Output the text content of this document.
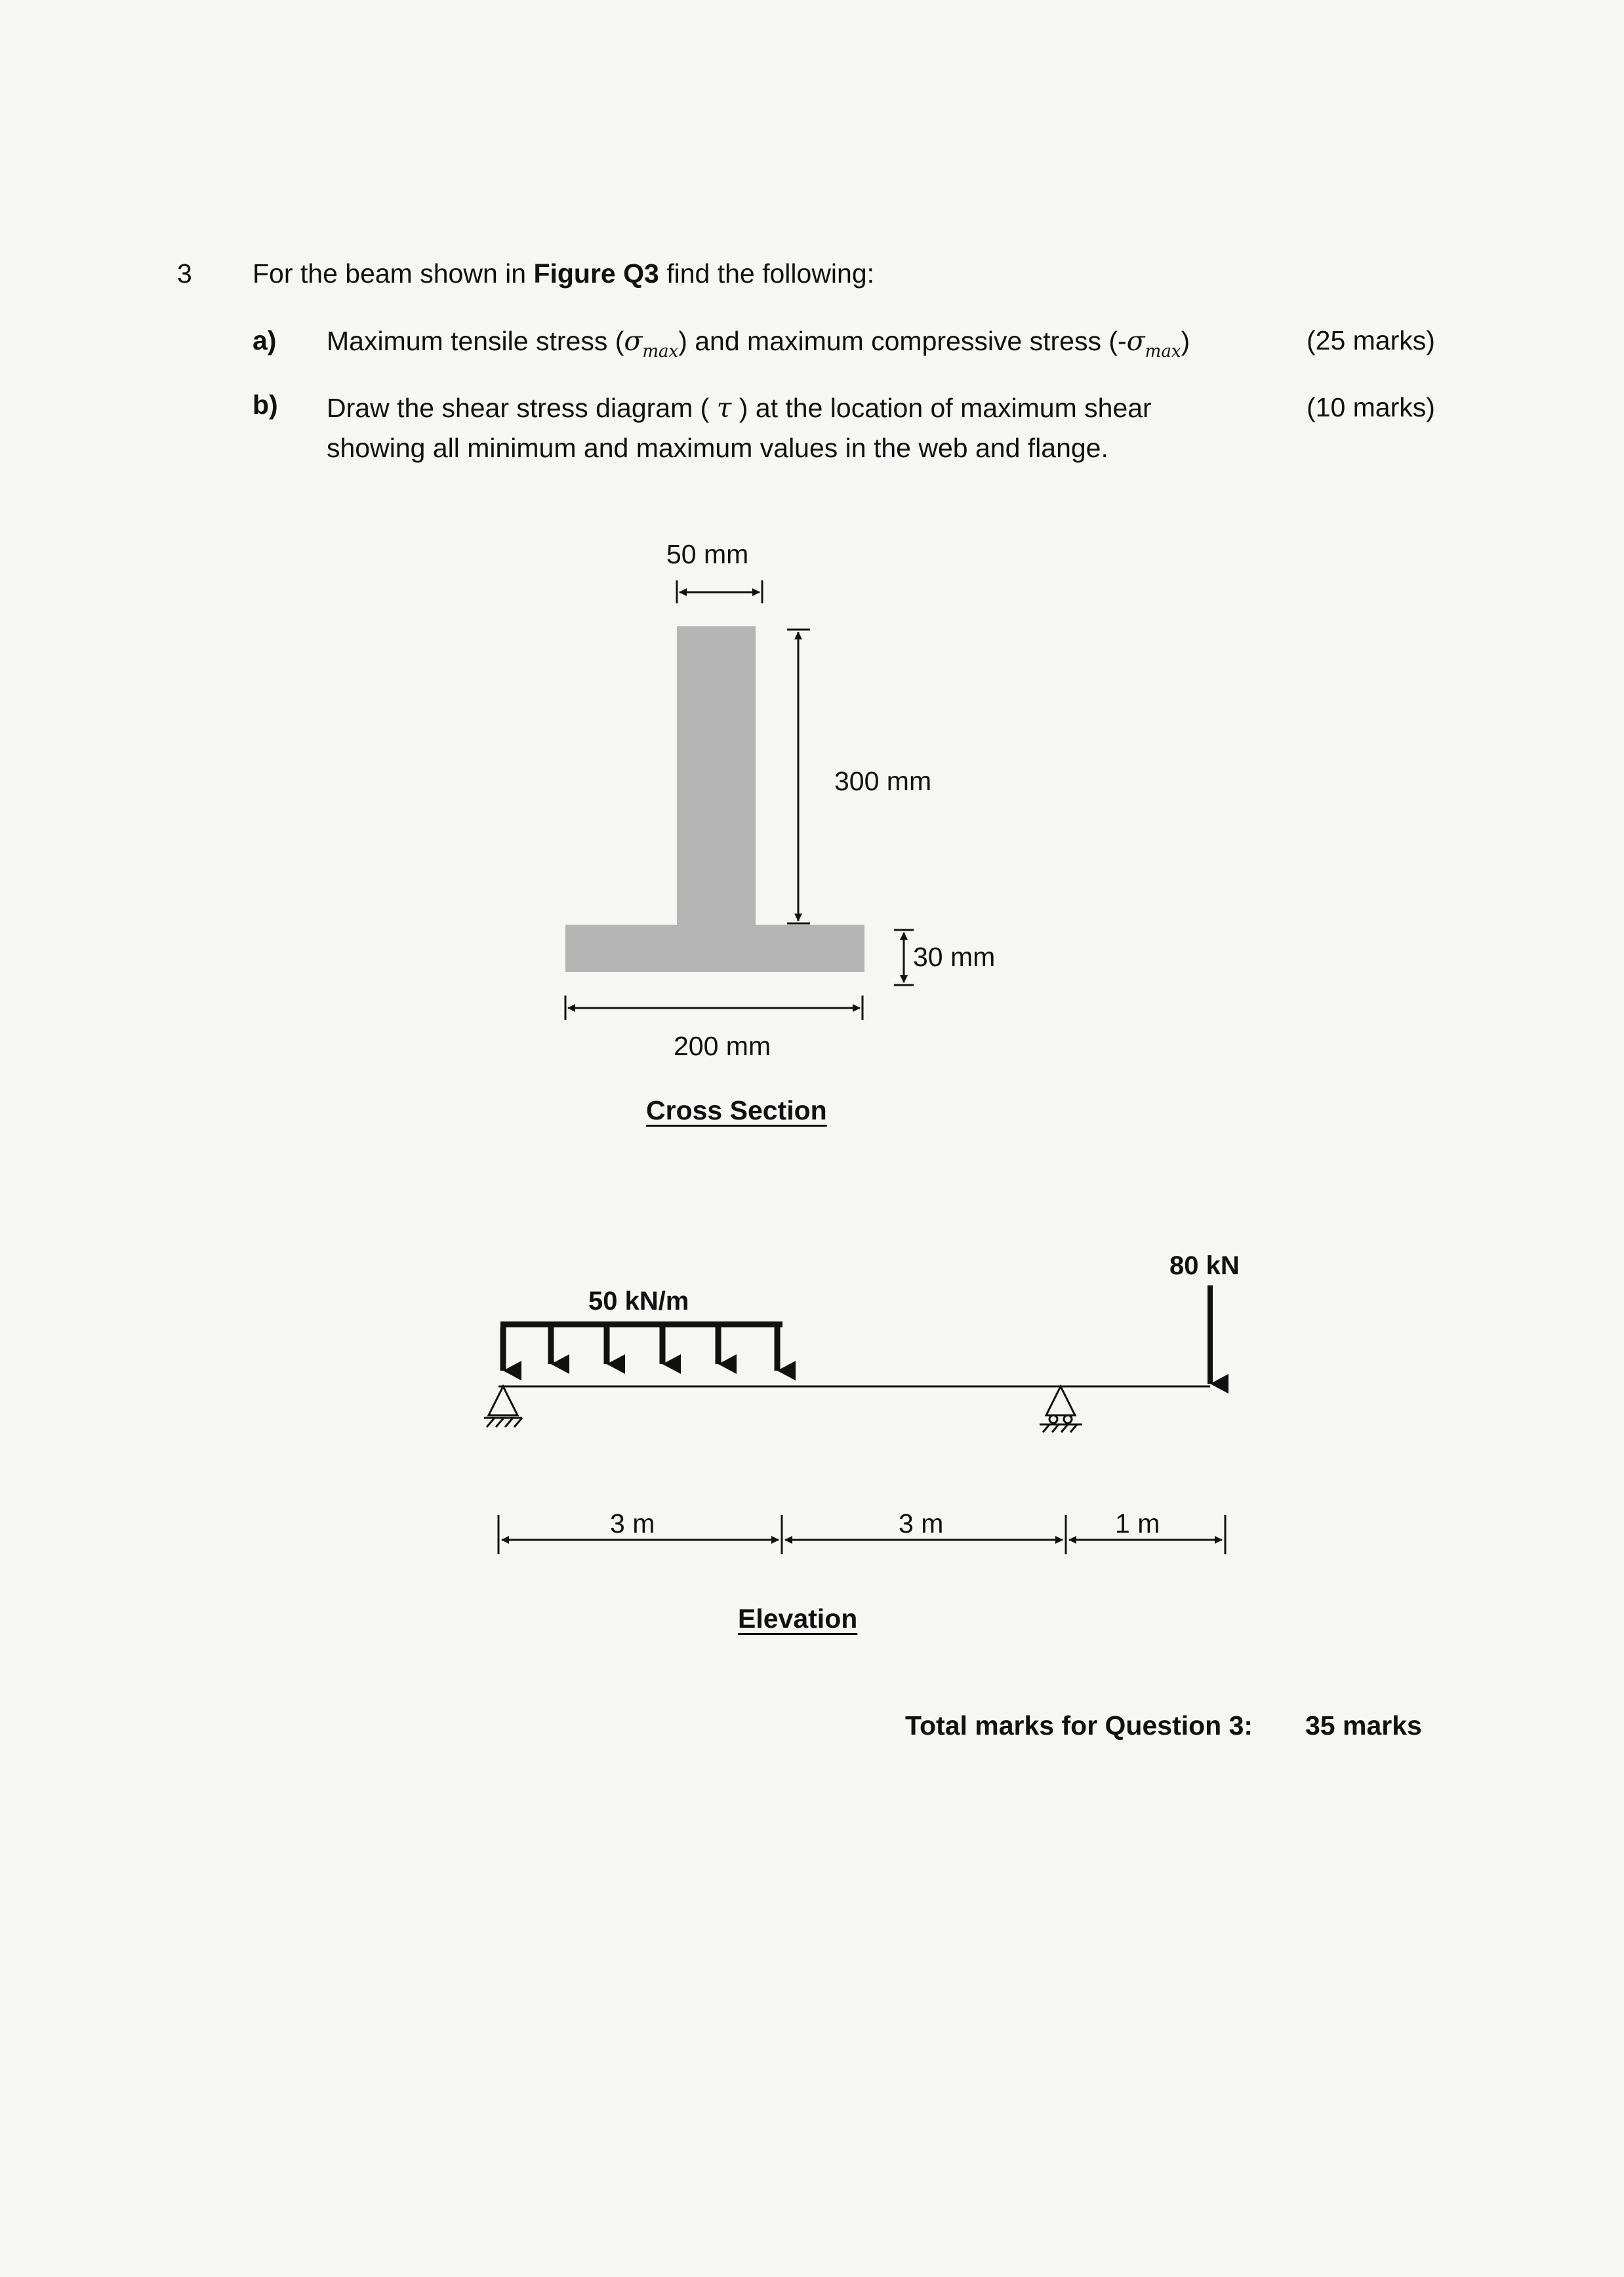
3 For the beam shown in Figure Q3 find the following:
a) Maximum tensile stress $(\sigma_{max})$ and maximum compressive stress $(-\sigma_{max})$	(25 marks)
b) Draw the shear stress diagram ( τ ) at the location of maximum shear
showing all minimum and maximum values in the web and flange.
(10 marks)
50 mm
300 mm
30 mm
200 mm
Cross Section
50 kN/m
80 kN
3 m	3 m	1 m
Elevation
Total marks for Question 3: 35 marks
